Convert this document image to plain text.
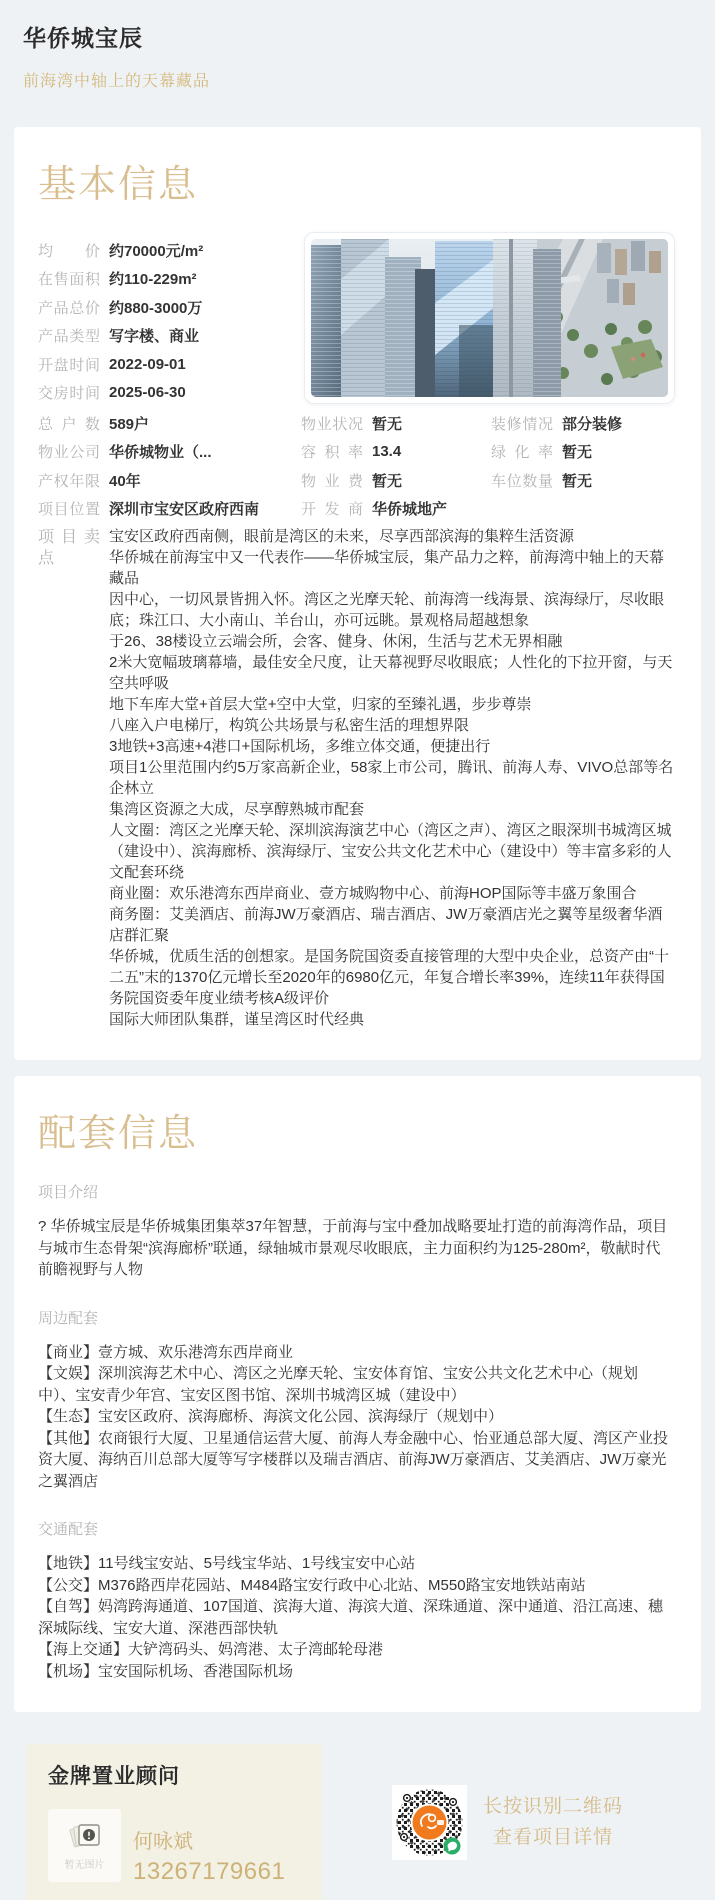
华侨城宝辰
前海湾中轴上的天幕藏品
基本信息
均价 约70000元/m²
在售面积 约110-229m²
产品总价 约880-3000万
产品类型 写字楼、商业
开盘时间 2022-09-01
交房时间 2025-06-30
总户数 589户
物业公司 华侨城物业（...
产权年限 40年
项目位置 深圳市宝安区政府西南
物业状况 暂无
容积率 13.4
物业费 暂无
开发商 华侨城地产
装修情况 部分装修
绿化率 暂无
车位数量 暂无
项目卖点
宝安区政府西南侧，眼前是湾区的未来，尽享西部滨海的集粹生活资源
华侨城在前海宝中又一代表作——华侨城宝辰，集产品力之粹，前海湾中轴上的天幕藏品
因中心，一切风景皆拥入怀。湾区之光摩天轮、前海湾一线海景、滨海绿厅，尽收眼底；珠江口、大小南山、羊台山，亦可远眺。景观格局超越想象
于26、38楼设立云端会所，会客、健身、休闲，生活与艺术无界相融
2米大宽幅玻璃幕墙，最佳安全尺度，让天幕视野尽收眼底；人性化的下拉开窗，与天空共呼吸
地下车库大堂+首层大堂+空中大堂，归家的至臻礼遇，步步尊崇
八座入户电梯厅，构筑公共场景与私密生活的理想界限
3地铁+3高速+4港口+国际机场，多维立体交通，便捷出行
项目1公里范围内约5万家高新企业，58家上市公司，腾讯、前海人寿、VIVO总部等名企林立
集湾区资源之大成，尽享醇熟城市配套
人文圈：湾区之光摩天轮、深圳滨海演艺中心（湾区之声）、湾区之眼深圳书城湾区城（建设中）、滨海廊桥、滨海绿厅、宝安公共文化艺术中心（建设中）等丰富多彩的人文配套环绕
商业圈：欢乐港湾东西岸商业、壹方城购物中心、前海HOP国际等丰盛万象围合
商务圈：艾美酒店、前海JW万豪酒店、瑞吉酒店、JW万豪酒店光之翼等星级奢华酒店群汇聚
华侨城，优质生活的创想家。是国务院国资委直接管理的大型中央企业，总资产由“十二五”末的1370亿元增长至2020年的6980亿元，年复合增长率39%，连续11年获得国务院国资委年度业绩考核A级评价
国际大师团队集群，谨呈湾区时代经典
配套信息
项目介绍

? 华侨城宝辰是华侨城集团集萃37年智慧，于前海与宝中叠加战略要址打造的前海湾作品，项目与城市生态骨架“滨海廊桥”联通，绿轴城市景观尽收眼底，主力面积约为125-280m²，敬献时代前瞻视野与人物

周边配套
【商业】壹方城、欢乐港湾东西岸商业
【文娱】深圳滨海艺术中心、湾区之光摩天轮、宝安体育馆、宝安公共文化艺术中心（规划中）、宝安青少年宫、宝安区图书馆、深圳书城湾区城（建设中）
【生态】宝安区政府、滨海廊桥、海滨文化公园、滨海绿厅（规划中）
【其他】农商银行大厦、卫星通信运营大厦、前海人寿金融中心、怡亚通总部大厦、湾区产业投资大厦、海纳百川总部大厦等写字楼群以及瑞吉酒店、前海JW万豪酒店、艾美酒店、JW万豪光之翼酒店
交通配套
【地铁】11号线宝安站、5号线宝华站、1号线宝安中心站
【公交】M376路西岸花园站、M484路宝安行政中心北站、M550路宝安地铁站南站
【自驾】妈湾跨海通道、107国道、滨海大道、海滨大道、深珠通道、深中通道、沿江高速、穗深城际线、宝安大道、深港西部快轨
【海上交通】大铲湾码头、妈湾港、太子湾邮轮母港
【机场】宝安国际机场、香港国际机场
金牌置业顾问
暂无图片
何咏斌
13267179661
长按识别二维码
查看项目详情
